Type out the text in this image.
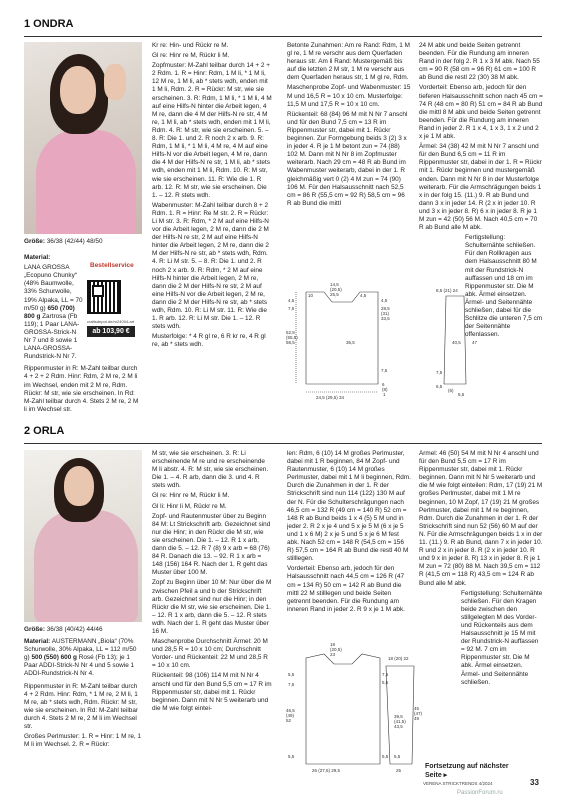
1 ONDRA

Größe: 36/38 (42/44) 48/50

Material:

LANA GROSSA „Ecopuno Chunky“ (48% Baumwolle, 33% Schurwolle, 19% Alpaka, LL = 70 m/50 g) 650 (700) 800 g Zartrosa (Fb 119); 1 Paar LANA-GROSSA-Strick-N Nr 7 und 8 sowie 1 LANA-GROSSA-Rundstrick-N Nr 7.

Rippenmuster in R: M-Zahl teilbar durch 4 + 2 + 2 Rdm. Hinr: Rdm, 2 M re, 2 M li im Wechsel, enden mit 2 M re, Rdm. Rückr: M str, wie sie erscheinen. In Rd: M-Zahl teilbar durch 4. Stets 2 M re, 2 M li im Wechsel str.

Bestellservice
craftsdepot.de/nr24004-art
ab 103,90 €

Kr re: Hin- und Rückr re M.

Gl re: Hinr re M, Rückr li M.

Zopfmuster: M-Zahl teilbar durch 14 + 2 + 2 Rdm. 1. R = Hinr: Rdm, 1 M li, * 1 M li, 12 M re, 1 M li, ab * stets wdh, enden mit 1 M li, Rdm. 2. R = Rückr: M str, wie sie erscheinen. 3. R: Rdm, 1 M li, * 1 M li, 4 M auf eine Hilfs-N hinter die Arbeit legen, 4 M re, dann die 4 M der Hilfs-N re str, 4 M re, 1 M li, ab * stets wdh, enden mit 1 M li, Rdm. 4. R: M str, wie sie erscheinen. 5. – 8. R: Die 1. und 2. R noch 2 x arb. 9. R: Rdm, 1 M li, * 1 M li, 4 M re, 4 M auf eine Hilfs-N vor die Arbeit legen, 4 M re, dann die 4 M der Hilfs-N re str, 1 M li, ab * stets wdh, enden mit 1 M li, Rdm. 10. R: M str, wie sie erscheinen. 11. R: Wie die 1. R arb. 12. R: M str, wie sie erscheinen. Die 1. – 12. R stets wdh.

Wabenmuster: M-Zahl teilbar durch 8 + 2 Rdm. 1. R = Hinr: Re M str. 2. R = Rückr: Li M str. 3. R: Rdm, * 2 M auf eine Hilfs-N vor die Arbeit legen, 2 M re, dann die 2 M der Hilfs-N re str, 2 M auf eine Hilfs-N hinter die Arbeit legen, 2 M re, dann die 2 M der Hilfs-N re str, ab * stets wdh, Rdm. 4. R: Li M str. 5. – 8. R: Die 1. und 2. R noch 2 x arb. 9. R: Rdm, * 2 M auf eine Hilfs-N hinter die Arbeit legen, 2 M re, dann die 2 M der Hilfs-N re str, 2 M auf eine Hilfs-N vor die Arbeit legen, 2 M re, dann die 2 M der Hilfs-N re str, ab * stets wdh, Rdm. 10. R: Li M str. 11. R: Wie die 1. R arb. 12. R: Li M str. Die 1. – 12. R stets wdh.

Musterfolge: * 4 R gl re, 6 R kr re, 4 R gl re, ab * stets wdh.

Betonte Zunahmen: Am re Rand: Rdm, 1 M gl re, 1 M re verschr aus dem Querfaden heraus str. Am li Rand: Mustergemäß bis auf die letzten 2 M str, 1 M re verschr aus dem Querfaden heraus str, 1 M gl re, Rdm.

Maschenprobe Zopf- und Wabenmuster: 15 M und 16,5 R = 10 x 10 cm. Musterfolge: 11,5 M und 17,5 R = 10 x 10 cm.

Rückenteil: 68 (84) 96 M mit N Nr 7 anschl und für den Bund 7,5 cm = 13 R im Rippenmuster str, dabei mit 1. Rückr beginnen. Zur Formgebung beids 3 (2) 3 x in jeder 4. R je 1 M betont zun = 74 (88) 102 M. Dann mit N Nr 8 im Zopfmuster weiterarb. Nach 29 cm = 48 R ab Bund im Wabenmuster weiterarb, dabei in der 1. R gleichmäßig vert 0 (2) 4 M zun = 74 (90) 106 M. Für den Halsausschnitt nach 52,5 cm = 86 R (55,5 cm = 92 R) 58,5 cm = 96 R ab Bund die mittl

14,5
(20,5)
25,5
10	4,5
7,5	28,5
(31)
33,5
4,5	4,5
7,5
52,5
(55,5)
58,5	36,5
24,5 (29,5) 34
6
(8)
1
7,5
8,5 (21) 24
40,5 47
6,5
(6)
5,5

24 M abk und beide Seiten getrennt beenden. Für die Rundung am inneren Rand in der folg 2. R 1 x 3 M abk. Nach 55 cm = 90 R (58 cm = 96 R) 61 cm = 100 R ab Bund die restl 22 (30) 38 M abk.

Vorderteil: Ebenso arb, jedoch für den tieferen Halsausschnitt schon nach 45 cm = 74 R (48 cm = 80 R) 51 cm = 84 R ab Bund die mittl 8 M abk und beide Seiten getrennt beenden. Für die Rundung am inneren Rand in jeder 2. R 1 x 4, 1 x 3, 1 x 2 und 2 x je 1 M abk.

Ärmel: 34 (38) 42 M mit N Nr 7 anschl und für den Bund 6,5 cm = 11 R im Rippenmuster str, dabei in der 1. R = Rückr mit 1. Rückr beginnen und mustergemäß enden. Dann mit N Nr 8 in der Musterfolge weiterarb. Für die Armschrägungen beids 1 x in der folg 15. (11.) 9. R ab Bund und dann 3 x in jeder 14. R (2 x in jeder 10. R und 3 x in jeder 8. R) 6 x in jeder 8. R je 1 M zun = 42 (50) 56 M. Nach 40,5 cm = 70 R ab Bund alle M abk.

Fertigstellung: Schulternähte schließen. Für den Rollkragen aus dem Halsausschnitt 80 M mit der Rundstrick-N auffassen und 18 cm im Rippenmuster str. Die M abk. Ärmel einsetzen. Ärmel- und Seitennähte schließen, dabei für die Schlitze die unteren 7,5 cm der Seitennähte offenlassen.

2 ORLA

Größe: 36/38 (40/42) 44/46

Material: AUSTERMANN „Biola“ (70% Schurwolle, 30% Alpaka, LL = 112 m/50 g) 500 (550) 600 g Rosé (Fb 13); je 1 Paar ADDI-Strick-N Nr 4 und 5 sowie 1 ADDI-Rundstrick-N Nr 4.

Rippenmuster in R: M-Zahl teilbar durch 4 + 2 Rdm. Hinr: Rdm, * 1 M re, 2 M li, 1 M re, ab * stets wdh, Rdm. Rückr: M str, wie sie erscheinen. In Rd: M-Zahl teilbar durch 4. Stets 2 M re, 2 M li im Wechsel str.

Großes Perlmuster: 1. R = Hinr: 1 M re, 1 M li im Wechsel. 2. R = Rückr:

M str, wie sie erscheinen. 3. R: Li erscheinende M re und re erscheinende M li abstr. 4. R: M str, wie sie erscheinen. Die 1. – 4. R arb, dann die 3. und 4. R stets wdh.

Gl re: Hinr re M, Rückr li M.

Gl li: Hinr li M, Rückr re M.

Zopf- und Rautenmuster über zu Beginn 84 M: Lt Strickschrift arb. Gezeichnet sind nur die Hinr; in den Rückr die M str, wie sie erscheinen. Die 1. – 12. R 1 x arb, dann die 5. – 12. R 7 (8) 9 x arb = 68 (76) 84 R. Danach die 13. – 92. R 1 x arb = 148 (156) 164 R. Nach der 1. R geht das Muster über 100 M.

Zopf zu Beginn über 10 M: Nur über die M zwischen Pfeil a und b der Strickschrift arb. Gezeichnet sind nur die Hinr; in den Rückr die M str, wie sie erscheinen. Die 1. – 12. R 1 x arb, dann die 5. – 12. R stets wdh. Nach der 1. R geht das Muster über 16 M.

Maschenprobe Durchschnitt Ärmel: 20 M und 28,5 R = 10 x 10 cm; Durchschnitt Vorder- und Rückenteil: 22 M und 28,5 R = 10 x 10 cm.

Rückenteil: 98 (106) 114 M mit N Nr 4 anschl und für den Bund 5,5 cm = 17 R im Rippenmuster str, dabei mit 1. Rückr beginnen. Dann mit N Nr 5 weiterarb und die M wie folgt eintei-

len: Rdm, 6 (10) 14 M großes Perlmuster, dabei mit 1 R beginnen, 84 M Zopf- und Rautenmuster, 6 (10) 14 M großes Perlmuster, dabei mit 1 M li beginnen, Rdm. Durch die Zunahmen in der 1. R der Strickschrift sind nun 114 (122) 130 M auf der N. Für die Schulterschrägungen nach 46,5 cm = 132 R (49 cm = 140 R) 52 cm = 148 R ab Bund beids 1 x 4 (5) 5 M und in jeder 2. R 2 x je 4 und 5 x je 5 M (6 x je 5 und 1 x 6 M) 2 x je 5 und 5 x je 6 M fest abk. Nach 52 cm = 148 R (54,5 cm = 156 R) 57,5 cm = 164 R ab Bund die restl 40 M stilllegen.

Vorderteil: Ebenso arb, jedoch für den Halsausschnitt nach 44,5 cm = 126 R (47 cm = 134 R) 50 cm = 142 R ab Bund die mittl 22 M stilllegen und beide Seiten getrennt beenden. Für die Rundung am inneren Rand in jeder 2. R 9 x je 1 M abk.

7,5
5,5
18
(20,5)
23
18 (20) 22
39,5
(41,5)
43,5
45
(47)
49
5,5	5,5
26 (27,5) 29,5
7,5
5,5
46,5
(49)
52
5,5
25

Ärmel: 46 (50) 54 M mit N Nr 4 anschl und für den Bund 5,5 cm = 17 R im Rippenmuster str, dabei mit 1. Rückr beginnen. Dann mit N Nr 5 weiterarb und die M wie folgt einteilen: Rdm, 17 (19) 21 M großes Perlmuster, dabei mit 1 M re beginnen, 10 M Zopf, 17 (19) 21 M großes Perlmuster, dabei mit 1 M re beginnen, Rdm. Durch die Zunahmen in der 1. R der Strickschrift sind nun 52 (56) 60 M auf der N. Für die Armschrägungen beids 1 x in der 11. (11.) 9. R ab Bund, dann 7 x in jeder 10. R und 2 x in jeder 8. R (2 x in jeder 10. R und 9 x in jeder 8. R) 13 x in jeder 8. R je 1 M zun = 72 (80) 88 M. Nach 39,5 cm = 112 R (41,5 cm = 118 R) 43,5 cm = 124 R ab Bund alle M abk.

Fertigstellung: Schulternähte schließen. Für den Kragen beide zwischen den stillgelegten M des Vorder- und Rückenteils aus dem Halsausschnitt je 15 M mit der Rundstrick-N auffassen = 92 M. 7 cm im Rippenmuster str. Die M abk. Ärmel einsetzen. Ärmel- und Seitennähte schließen.

Fortsetzung auf nächster Seite ▸
VERENA STRICKTRENDS 4/2024	33
PassionForum.ru
